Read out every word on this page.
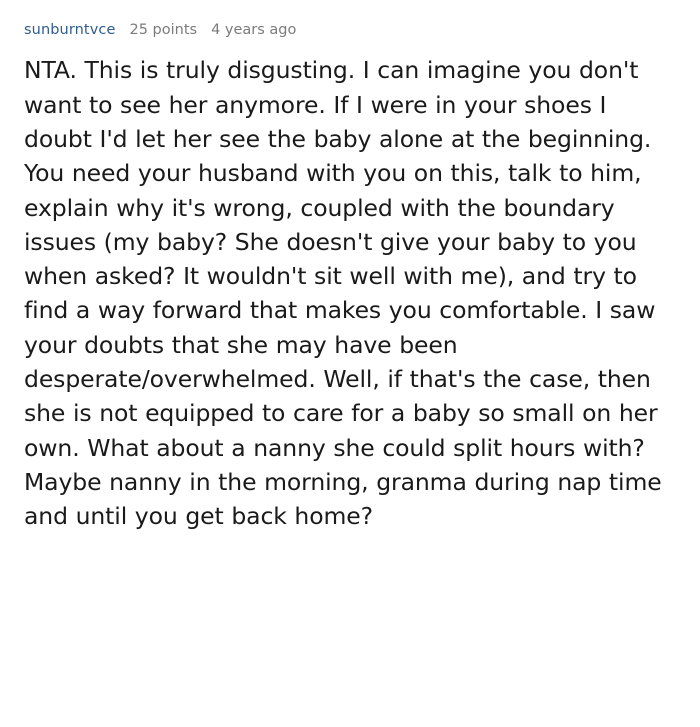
sunburntvce 25 points 4 years ago
NTA. This is truly disgusting. I can imagine you don't want to see her anymore. If I were in your shoes I doubt I'd let her see the baby alone at the beginning. You need your husband with you on this, talk to him, explain why it's wrong, coupled with the boundary issues (my baby? She doesn't give your baby to you when asked? It wouldn't sit well with me), and try to find a way forward that makes you comfortable. I saw your doubts that she may have been desperate/overwhelmed. Well, if that's the case, then she is not equipped to care for a baby so small on her own. What about a nanny she could split hours with? Maybe nanny in the morning, granma during nap time and until you get back home?
